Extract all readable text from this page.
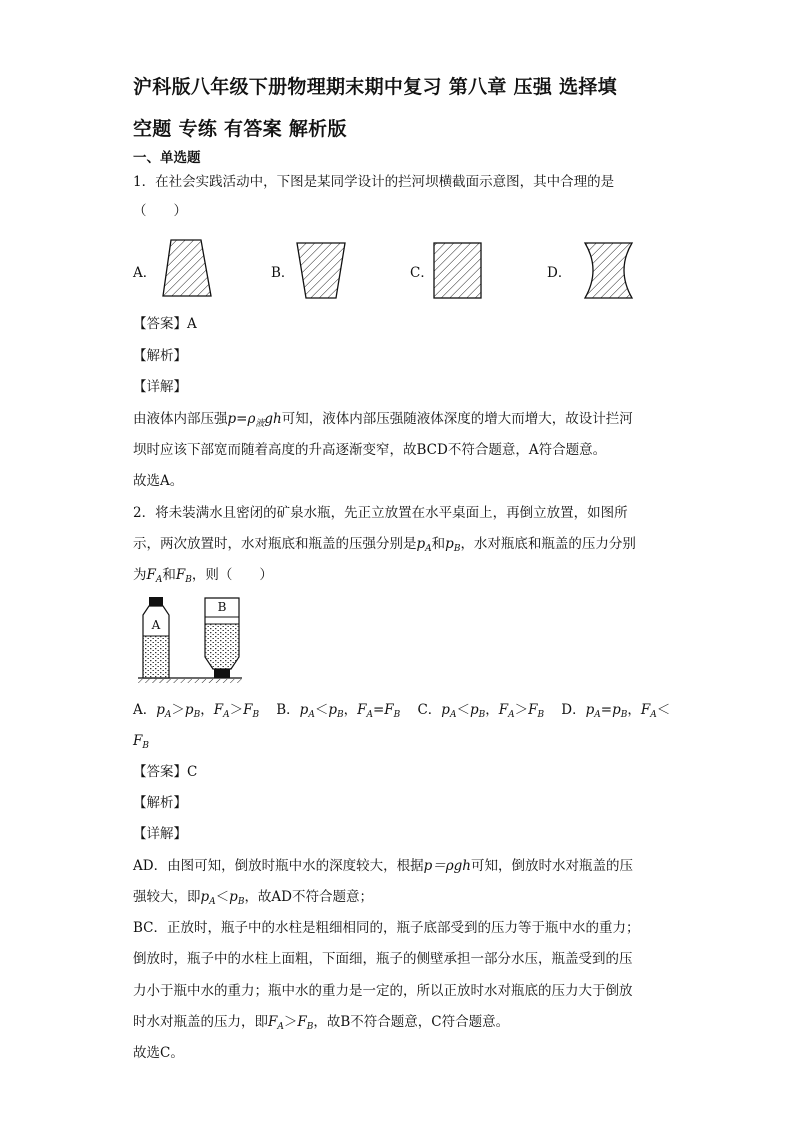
沪科版八年级下册物理期末期中复习 第八章 压强 选择填
空题 专练 有答案 解析版
一、单选题
1．在社会实践活动中，下图是某同学设计的拦河坝横截面示意图，其中合理的是
（　　）
A．	B．	C．	D．
【答案】A
【解析】
【详解】
由液体内部压强$p=\rho_液gh$可知，液体内部压强随液体深度的增大而增大，故设计拦河
坝时应该下部宽而随着高度的升高逐渐变窄，故BCD不符合题意，A符合题意。
故选A。
2．将未装满水且密闭的矿泉水瓶，先正立放置在水平桌面上，再倒立放置，如图所
示，两次放置时，水对瓶底和瓶盖的压强分别是$p_A$和$p_B$，水对瓶底和瓶盖的压力分别
为$F_A$和$F_B$，则（　　）
A
B
A．$p_A>p_B$，$F_A>F_B$ B．$p_A<p_B$，$F_A=F_B$ C．$p_A<p_B$，$F_A>F_B$ D．$p_A=p_B$，$F_A<$
$F_B$
【答案】C
【解析】
【详解】
AD．由图可知，倒放时瓶中水的深度较大，根据p＝ρgh可知，倒放时水对瓶盖的压
强较大，即$p_A<p_B$，故AD不符合题意；
BC．正放时，瓶子中的水柱是粗细相同的，瓶子底部受到的压力等于瓶中水的重力；
倒放时，瓶子中的水柱上面粗，下面细，瓶子的侧壁承担一部分水压，瓶盖受到的压
力小于瓶中水的重力；瓶中水的重力是一定的，所以正放时水对瓶底的压力大于倒放
时水对瓶盖的压力，即$F_A>F_B$，故B不符合题意，C符合题意。
故选C。
